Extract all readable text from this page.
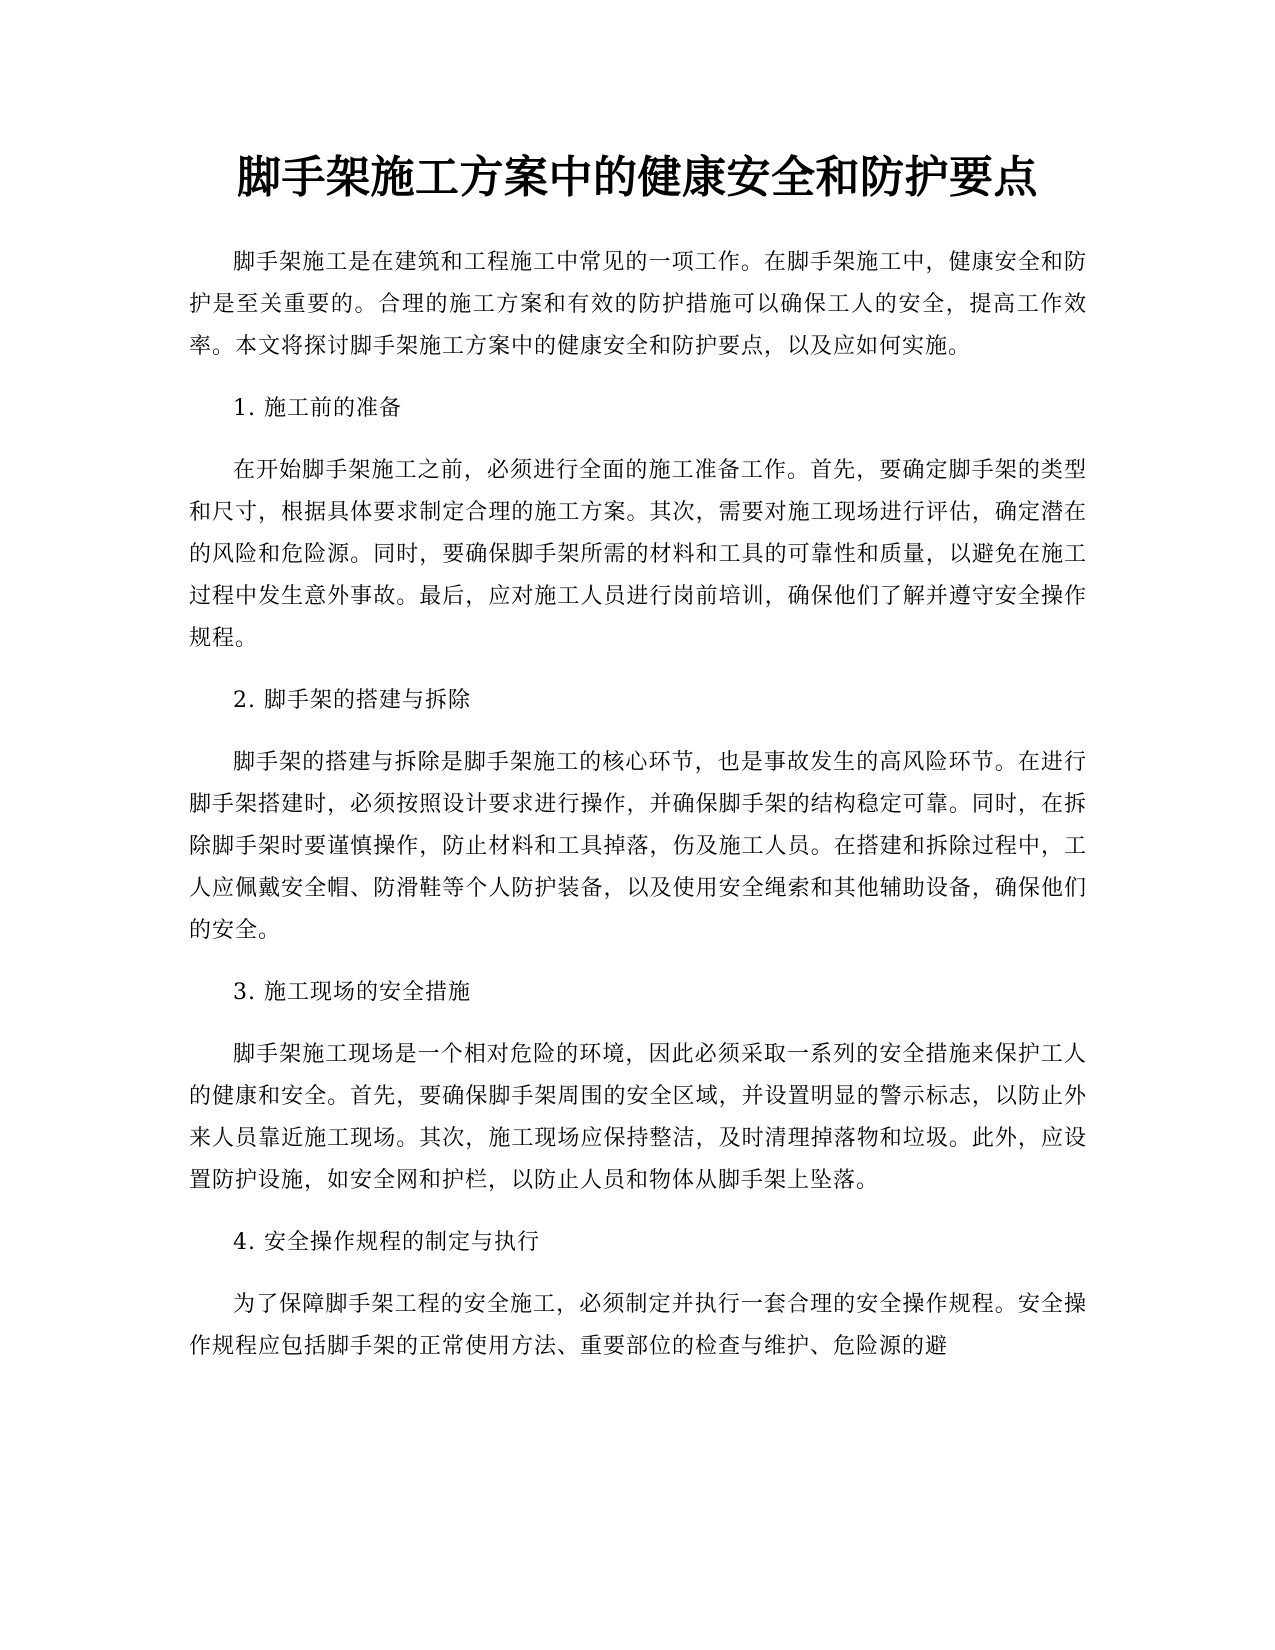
脚手架施工方案中的健康安全和防护要点

脚手架施工是在建筑和工程施工中常见的一项工作。在脚手架施工中，健康安全和防护是至关重要的。合理的施工方案和有效的防护措施可以确保工人的安全，提高工作效率。本文将探讨脚手架施工方案中的健康安全和防护要点，以及应如何实施。

1. 施工前的准备

在开始脚手架施工之前，必须进行全面的施工准备工作。首先，要确定脚手架的类型和尺寸，根据具体要求制定合理的施工方案。其次，需要对施工现场进行评估，确定潜在的风险和危险源。同时，要确保脚手架所需的材料和工具的可靠性和质量，以避免在施工过程中发生意外事故。最后，应对施工人员进行岗前培训，确保他们了解并遵守安全操作规程。

2. 脚手架的搭建与拆除

脚手架的搭建与拆除是脚手架施工的核心环节，也是事故发生的高风险环节。在进行脚手架搭建时，必须按照设计要求进行操作，并确保脚手架的结构稳定可靠。同时，在拆除脚手架时要谨慎操作，防止材料和工具掉落，伤及施工人员。在搭建和拆除过程中，工人应佩戴安全帽、防滑鞋等个人防护装备，以及使用安全绳索和其他辅助设备，确保他们的安全。

3. 施工现场的安全措施

脚手架施工现场是一个相对危险的环境，因此必须采取一系列的安全措施来保护工人的健康和安全。首先，要确保脚手架周围的安全区域，并设置明显的警示标志，以防止外来人员靠近施工现场。其次，施工现场应保持整洁，及时清理掉落物和垃圾。此外，应设置防护设施，如安全网和护栏，以防止人员和物体从脚手架上坠落。

4. 安全操作规程的制定与执行

为了保障脚手架工程的安全施工，必须制定并执行一套合理的安全操作规程。安全操作规程应包括脚手架的正常使用方法、重要部位的检查与维护、危险源的避
